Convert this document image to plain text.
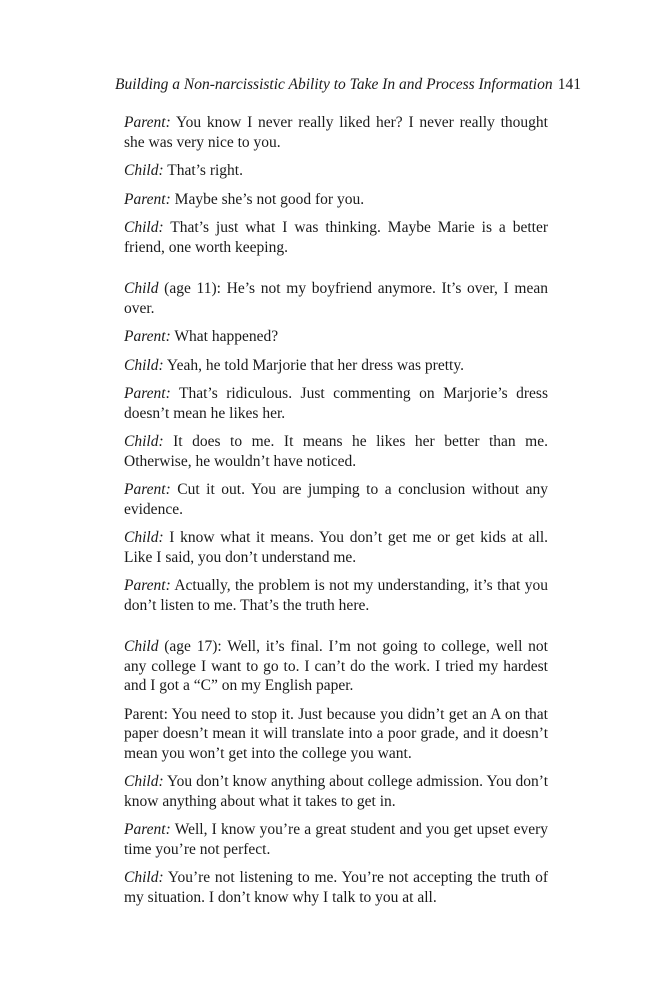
Building a Non-narcissistic Ability to Take In and Process Information 141

Parent: You know I never really liked her? I never really thought she was very nice to you.

Child: That’s right.

Parent: Maybe she’s not good for you.

Child: That’s just what I was thinking. Maybe Marie is a better friend, one worth keeping.

Child (age 11): He’s not my boyfriend anymore. It’s over, I mean over.

Parent: What happened?

Child: Yeah, he told Marjorie that her dress was pretty.

Parent: That’s ridiculous. Just commenting on Marjorie’s dress doesn’t mean he likes her.

Child: It does to me. It means he likes her better than me. Otherwise, he wouldn’t have noticed.

Parent: Cut it out. You are jumping to a conclusion without any evidence.

Child: I know what it means. You don’t get me or get kids at all. Like I said, you don’t understand me.

Parent: Actually, the problem is not my understanding, it’s that you don’t listen to me. That’s the truth here.

Child (age 17): Well, it’s final. I’m not going to college, well not any college I want to go to. I can’t do the work. I tried my hardest and I got a “C” on my English paper.

Parent: You need to stop it. Just because you didn’t get an A on that paper doesn’t mean it will translate into a poor grade, and it doesn’t mean you won’t get into the college you want.

Child: You don’t know anything about college admission. You don’t know anything about what it takes to get in.

Parent: Well, I know you’re a great student and you get upset every time you’re not perfect.

Child: You’re not listening to me. You’re not accepting the truth of my situation. I don’t know why I talk to you at all.
